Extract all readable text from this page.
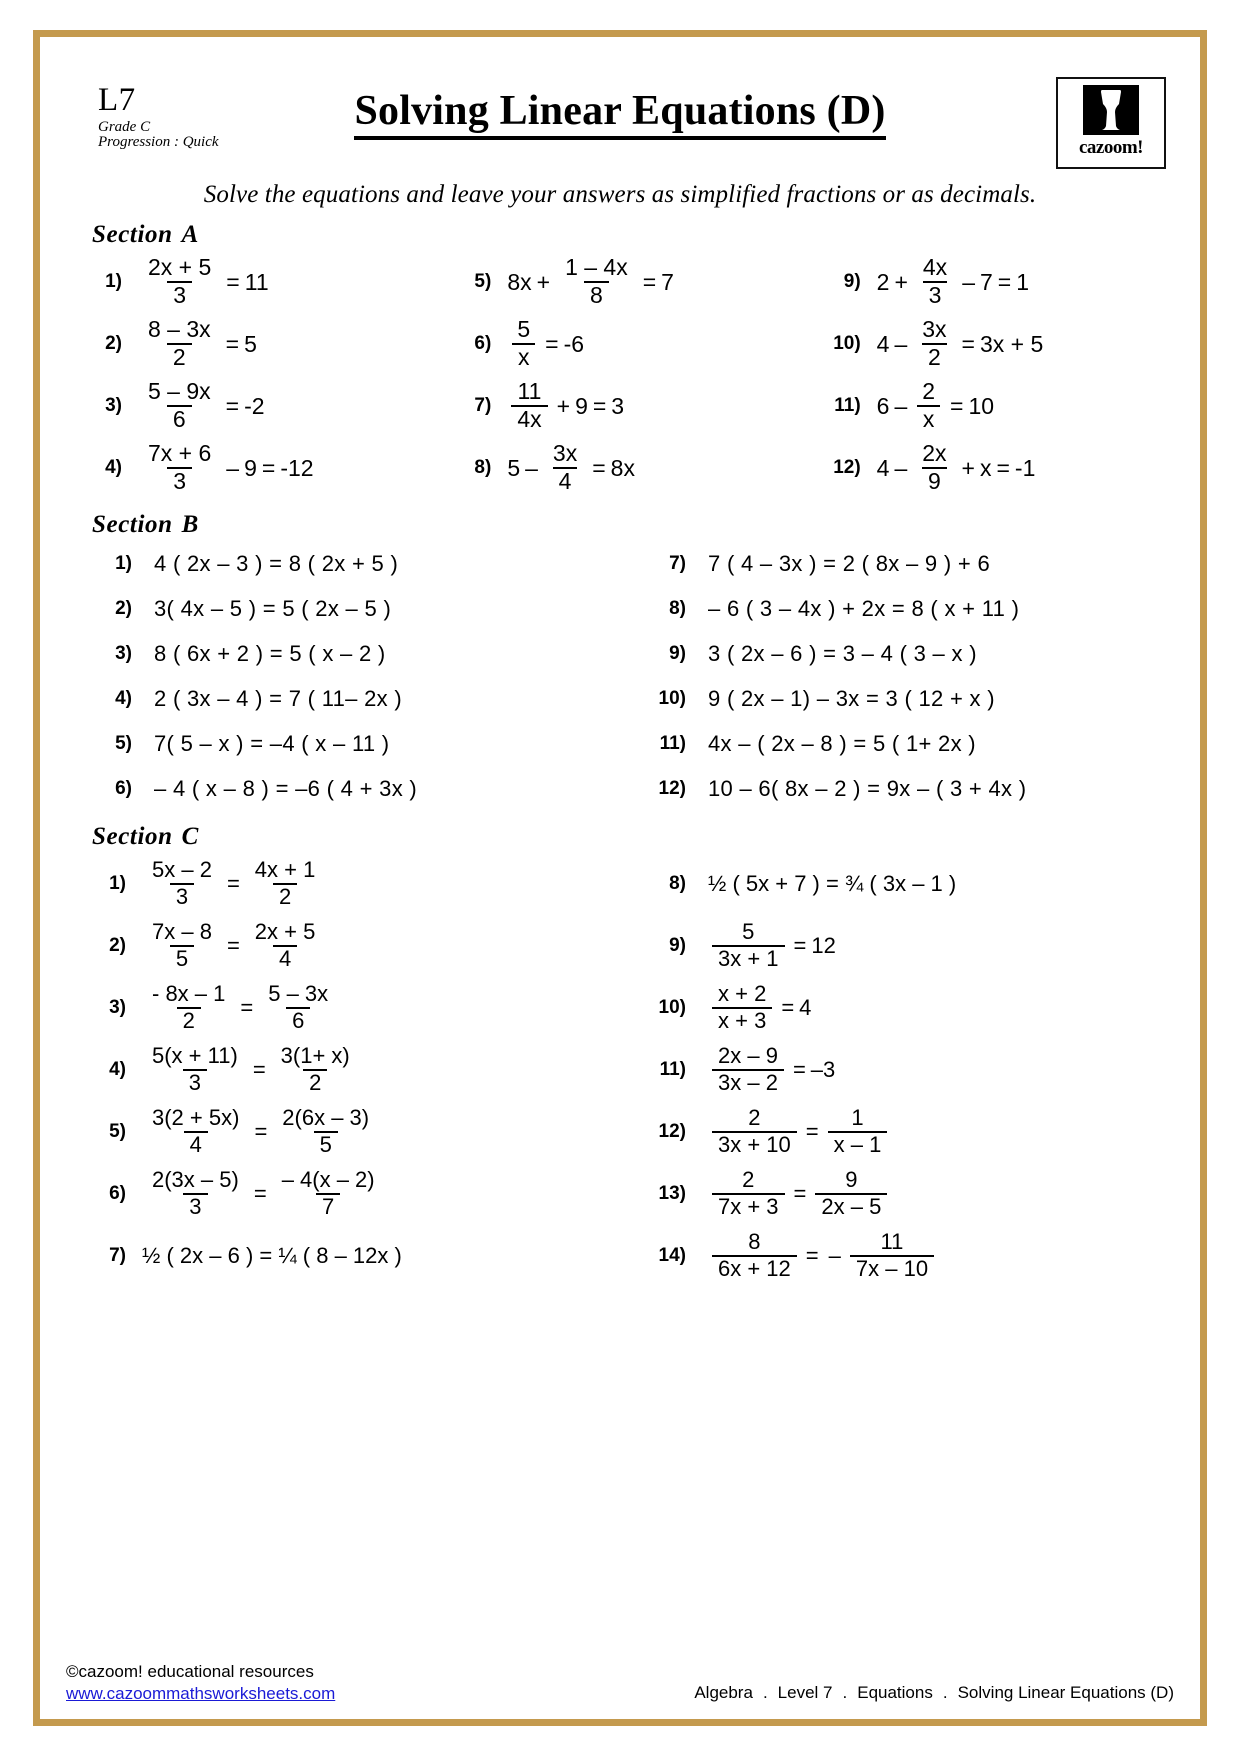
L7
Grade C
Progression : Quick
Solving Linear Equations (D)
cazoom!
Solve the equations and leave your answers as simplified fractions or as decimals.
Section A
$1) \frac{2x + 5}{3} = 11$	5) $8x + \frac{1 - 4x}{8} = 7$	9) $2 + \frac{4x}{3} - 7 = 1$
$2) \frac{8 - 3x}{2} = 5$	$6) \frac{5}{x} = -6$	10) $4 - \frac{3x}{2} = 3x + 5$
$3) \frac{5 - 9x}{6} = -2$	$7) \frac{11}{4x} + 9 = 3$	11) $6 - \frac{2}{x} = 10$
$4) \frac{7x + 6}{3} - 9 = -12$	8) $5 - \frac{3x}{4} = 8x$	12) $4 - \frac{2x}{9} + x = -1$
Section B
1)	4 ( 2x – 3 ) = 8 ( 2x + 5 )	7)	7 ( 4 – 3x ) = 2 ( 8x – 9 ) + 6
2)	3( 4x – 5 ) = 5 ( 2x – 5 )	8)	– 6 ( 3 – 4x ) + 2x = 8 ( x + 11 )
3)	8 ( 6x + 2 ) = 5 ( x – 2 )	9)	3 ( 2x – 6 ) = 3 – 4 ( 3 – x )
4)	2 ( 3x – 4 ) = 7 ( 11– 2x )	10)	9 ( 2x – 1) – 3x = 3 ( 12 + x )
5)	7( 5 – x ) = –4 ( x – 11 )	11)	4x – ( 2x – 8 ) = 5 ( 1+ 2x )
6)	– 4 ( x – 8 ) = –6 ( 4 + 3x )	12)	10 – 6( 8x – 2 ) = 9x – ( 3 + 4x )
Section C
$1) \frac{5x - 2}{3} = \frac{4x + 1}{2}$
$2) \frac{7x - 8}{5} = \frac{2x + 5}{4}$
$3) \frac{- 8x - 1}{2} = \frac{5 - 3x}{6}$
$4) \frac{5(x + 11)}{3} = \frac{3(1+ x)}{2}$
$5) \frac{3(2 + 5x)}{4} = \frac{2(6x - 3)}{5}$
$6) \frac{2(3x - 5)}{3} = \frac{- 4(x - 2)}{7}$
7) ½ ( 2x – 6 ) = ¼ ( 8 – 12x )
8)	½ ( 5x + 7 ) = ¾ ( 3x – 1 )
9)	$\frac{5}{3x + 1} = 12$
10)	$\frac{x + 2}{x + 3} = 4$
11)	$\frac{2x - 9}{3x - 2} = -3$
12)	$\frac{2}{3x + 10} = \frac{1}{x - 1}$
13)	$\frac{2}{7x + 3} = \frac{9}{2x - 5}$
14)	$\frac{8}{6x + 12}$ = – $\frac{11}{7x - 10}$
©cazoom! educational resources
www.cazoommathsworksheets.com	Algebra . Level 7 . Equations . Solving Linear Equations (D)
